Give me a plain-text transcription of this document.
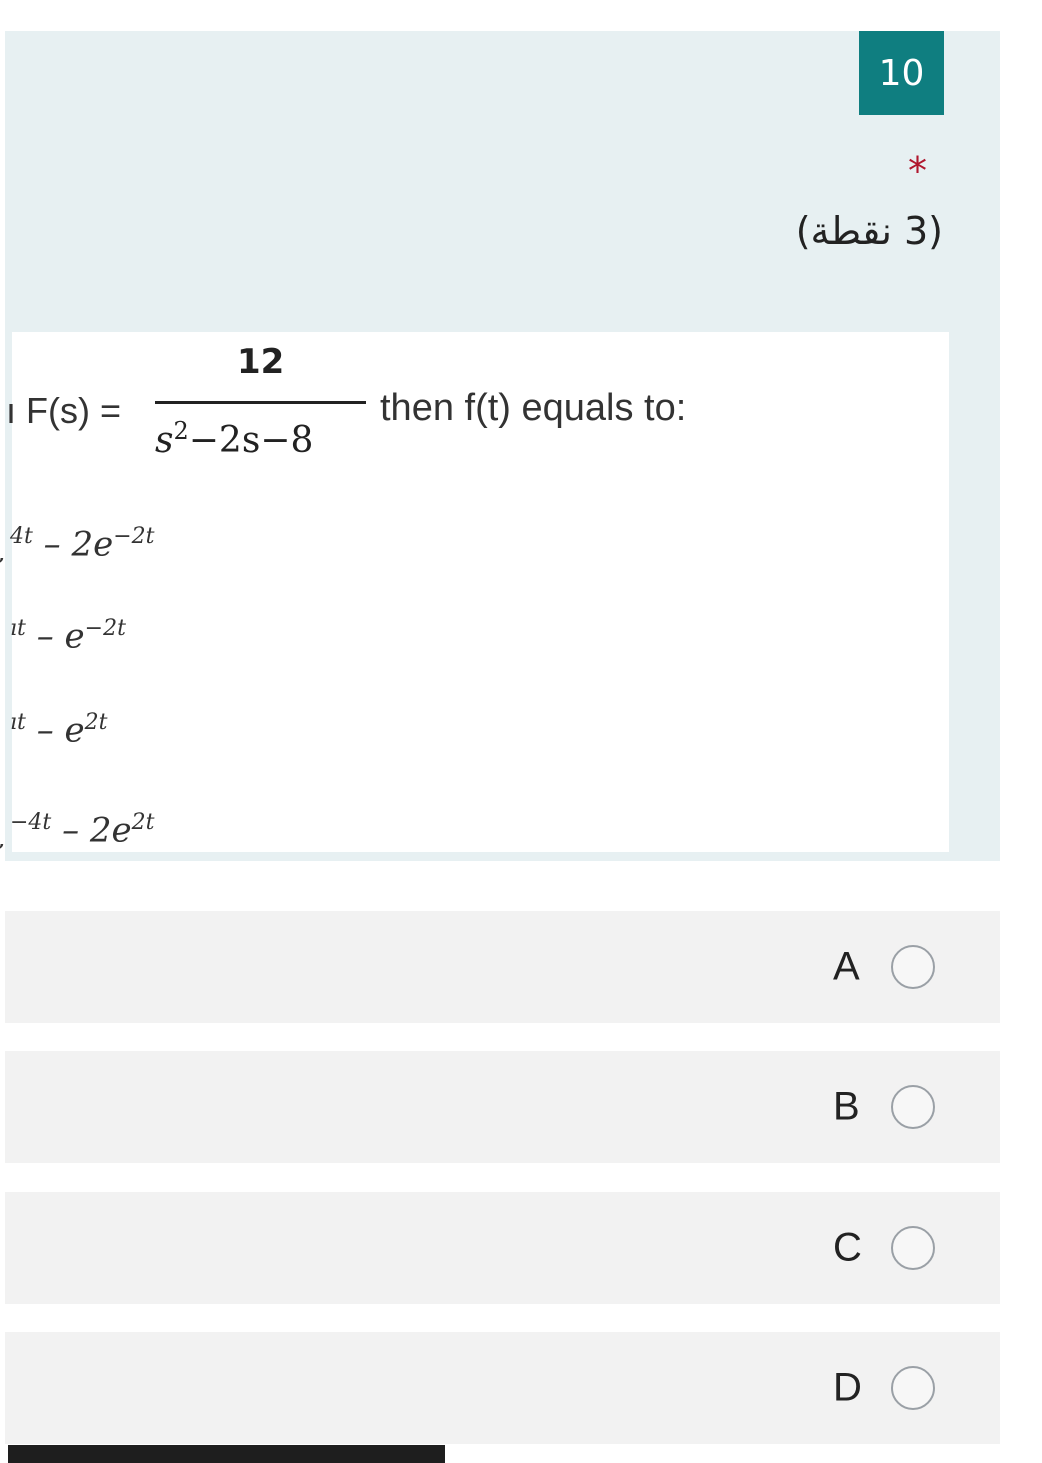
10
*
(3 نقطة)
ı F(s) =
12
$s^2-2s-8$
then f(t) equals to:
$^{4t} - 2e^{-2t}$
$^{ıt} - e^{-2t}$
$^{ıt} - e^{2t}$
$^{-4t} - 2e^{2t}$
A
B
C
D
